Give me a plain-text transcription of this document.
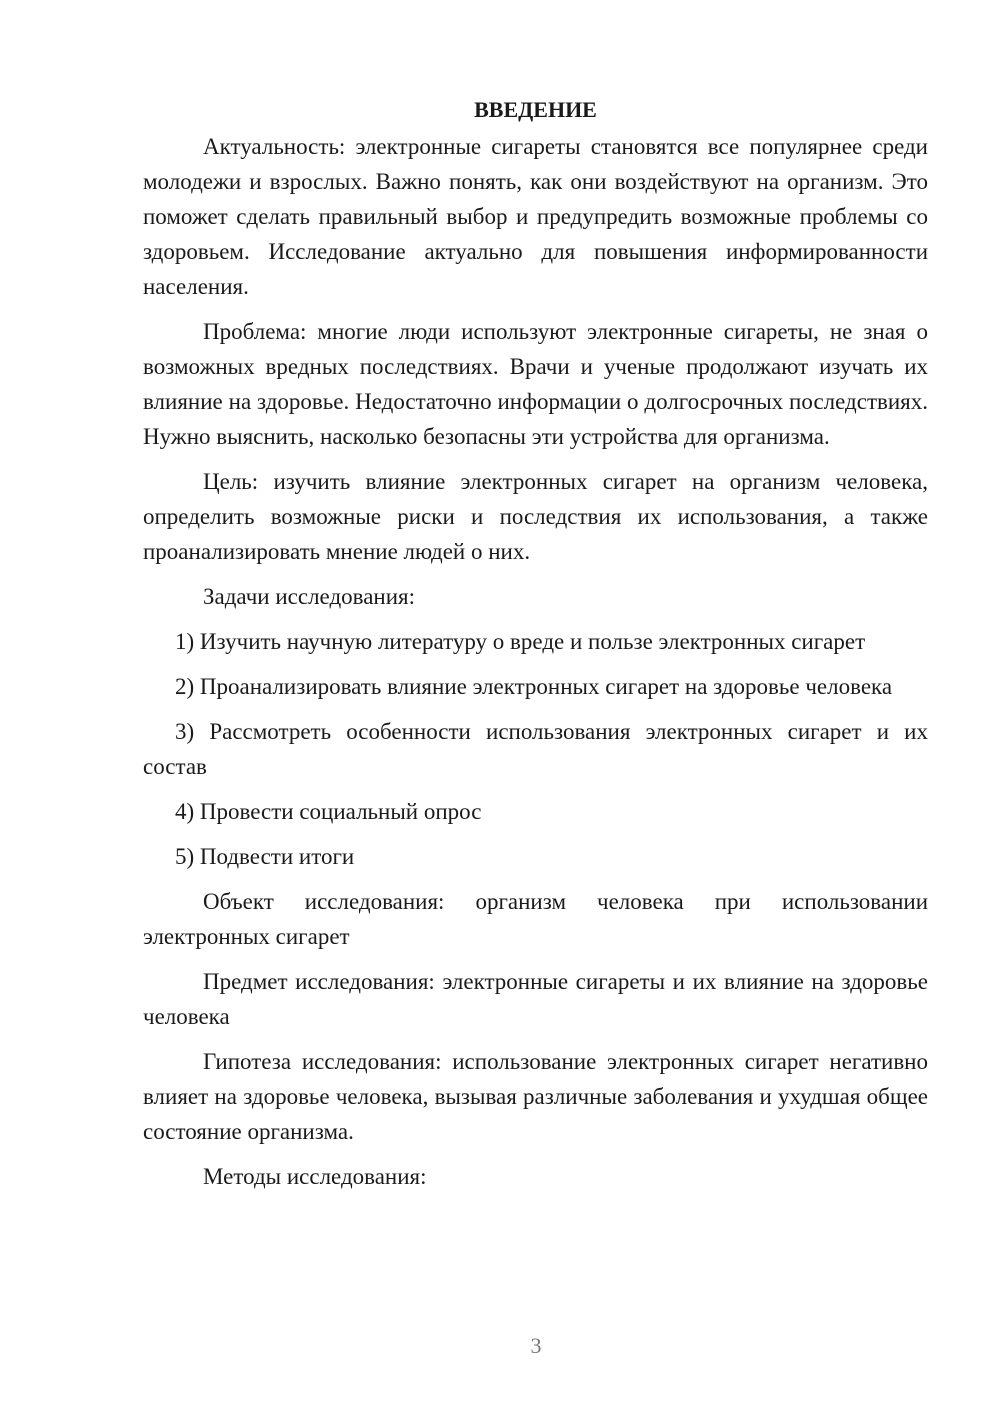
ВВЕДЕНИЕ

Актуальность: электронные сигареты становятся все популярнее среди молодежи и взрослых. Важно понять, как они воздействуют на организм. Это поможет сделать правильный выбор и предупредить возможные проблемы со здоровьем. Исследование актуально для повышения информированности населения.

Проблема: многие люди используют электронные сигареты, не зная о возможных вредных последствиях. Врачи и ученые продолжают изучать их влияние на здоровье. Недостаточно информации о долгосрочных последствиях. Нужно выяснить, насколько безопасны эти устройства для организма.

Цель: изучить влияние электронных сигарет на организм человека, определить возможные риски и последствия их использования, а также проанализировать мнение людей о них.

Задачи исследования:

1) Изучить научную литературу о вреде и пользе электронных сигарет

2) Проанализировать влияние электронных сигарет на здоровье человека

3) Рассмотреть особенности использования электронных сигарет и их состав

4) Провести социальный опрос

5) Подвести итоги

Объект исследования: организм человека при использовании электронных сигарет

Предмет исследования: электронные сигареты и их влияние на здоровье человека

Гипотеза исследования: использование электронных сигарет негативно влияет на здоровье человека, вызывая различные заболевания и ухудшая общее состояние организма.

Методы исследования:

3
